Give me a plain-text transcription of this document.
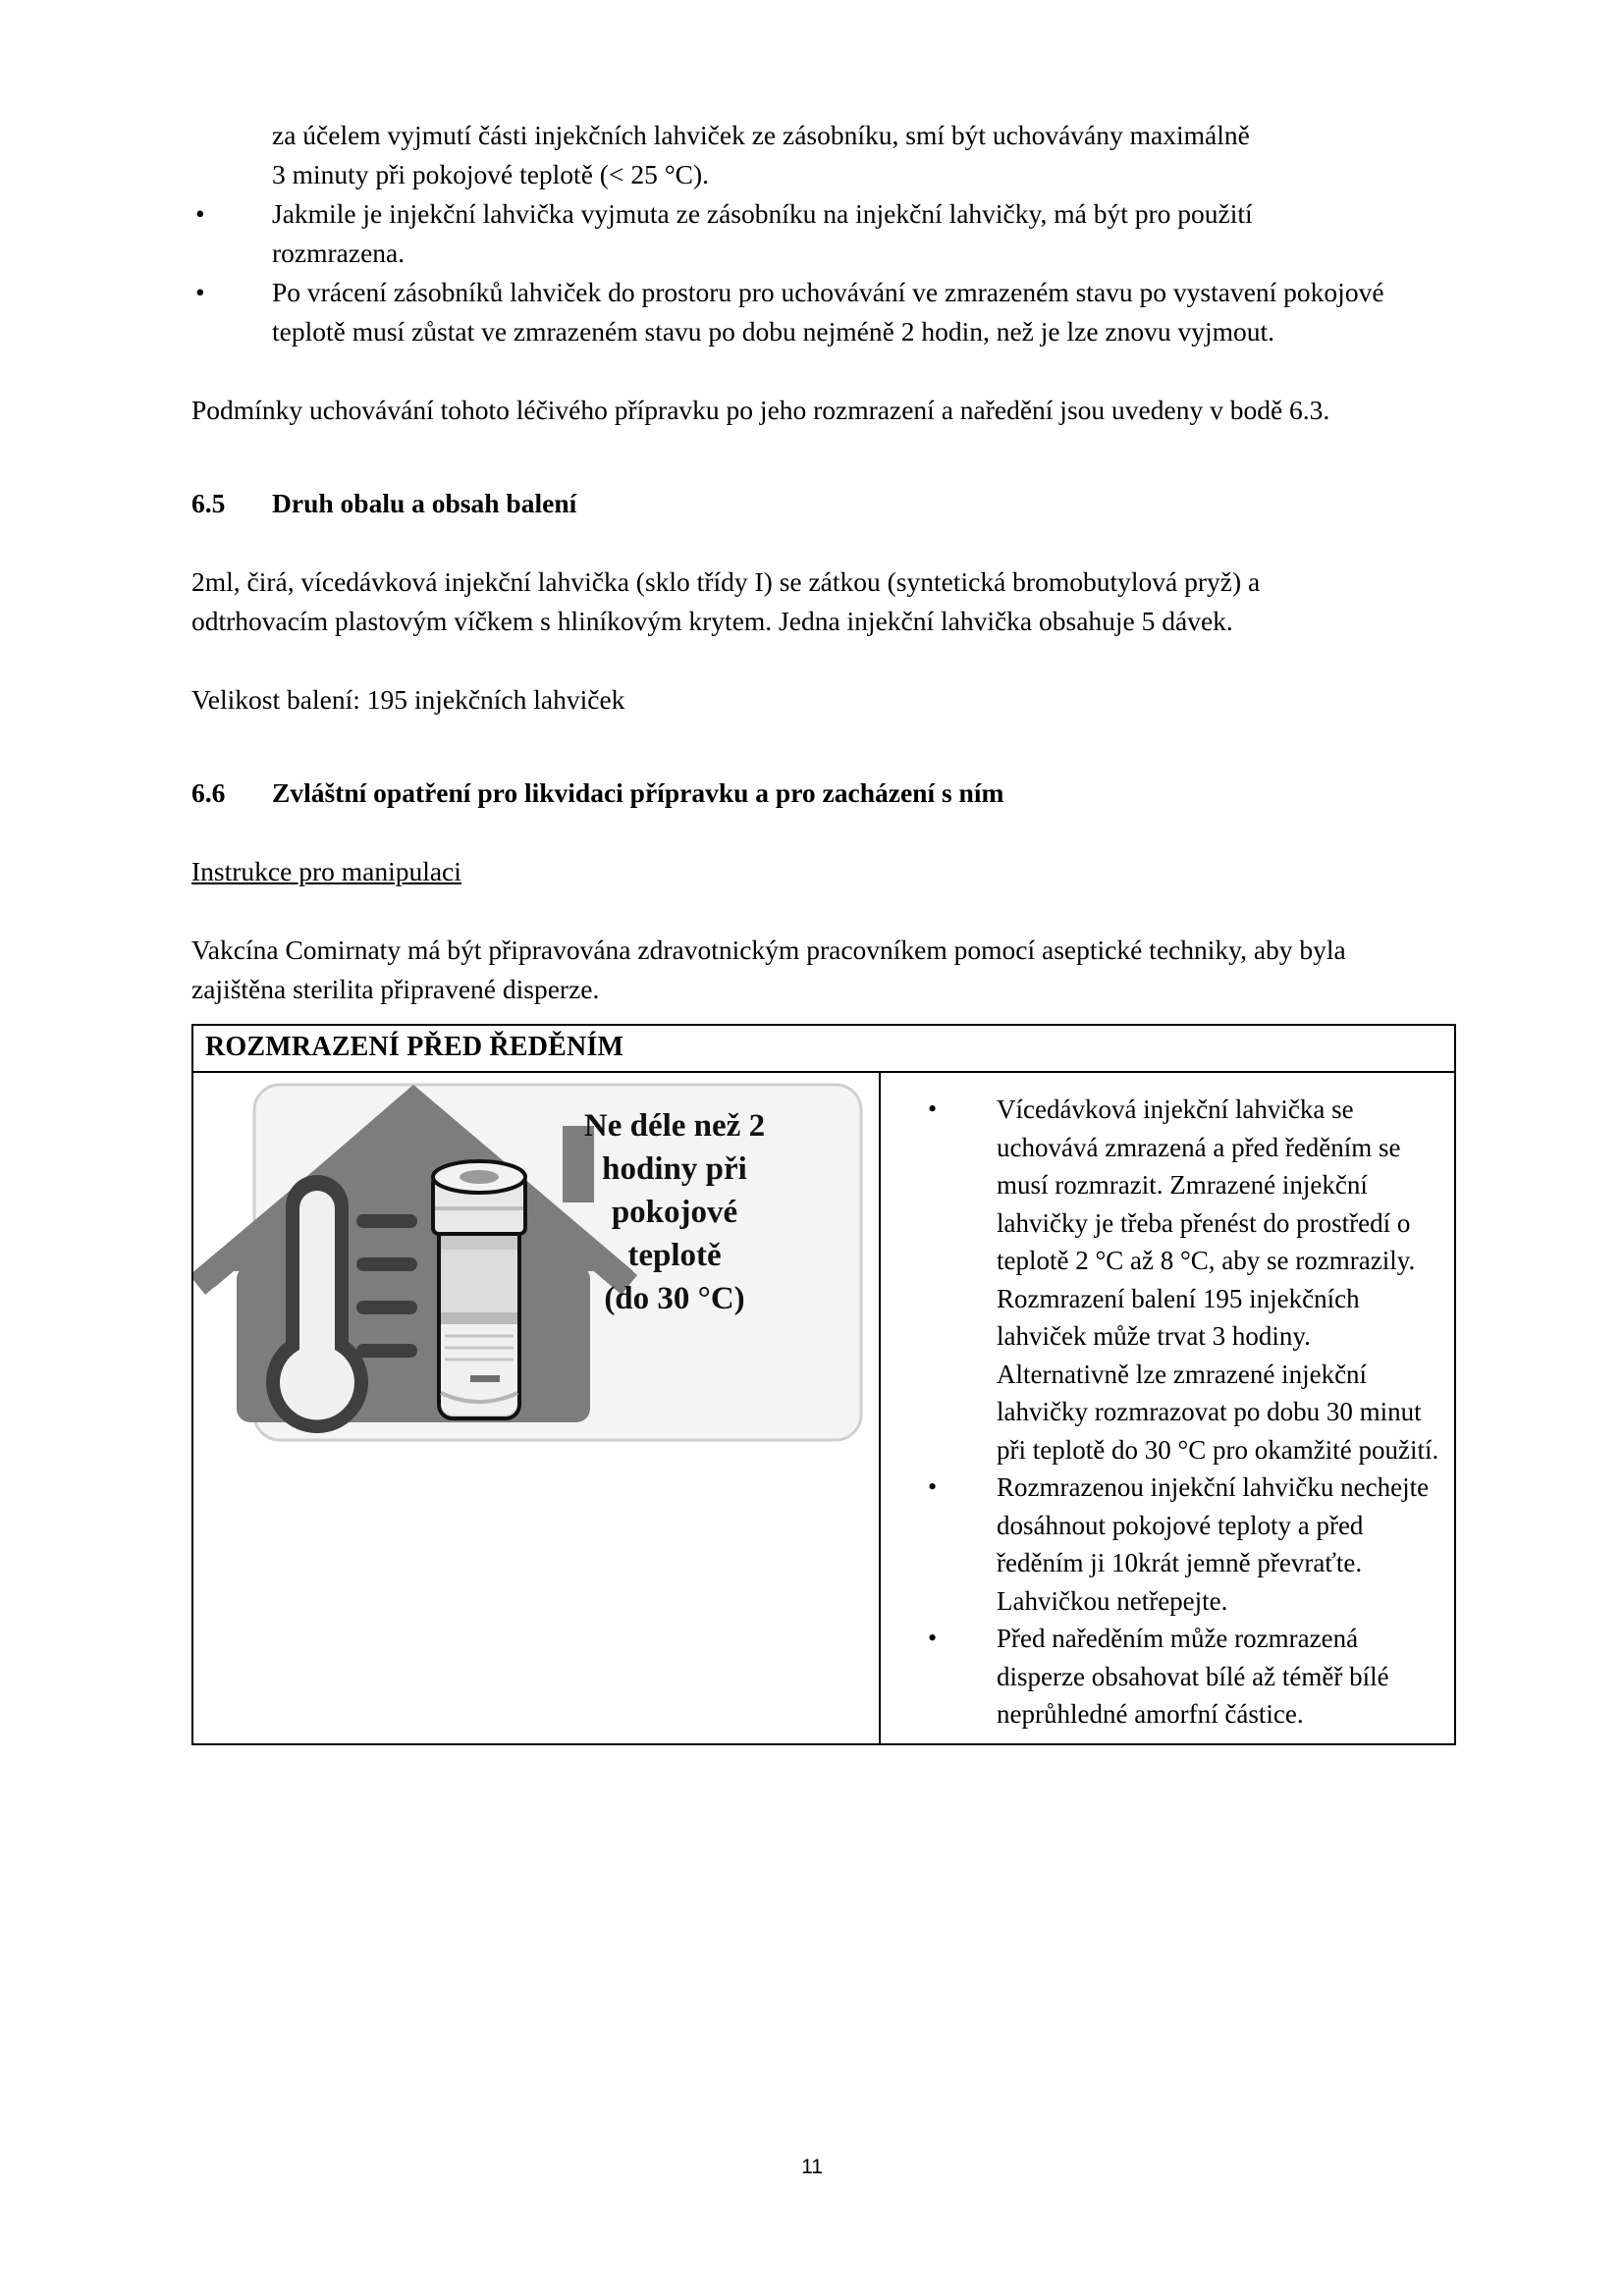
za účelem vyjmutí části injekčních lahviček ze zásobníku, smí být uchovávány maximálně
3 minuty při pokojové teplotě (< 25 °C).
• Jakmile je injekční lahvička vyjmuta ze zásobníku na injekční lahvičky, má být pro použití rozmrazena.
• Po vrácení zásobníků lahviček do prostoru pro uchovávání ve zmrazeném stavu po vystavení pokojové teplotě musí zůstat ve zmrazeném stavu po dobu nejméně 2 hodin, než je lze znovu vyjmout.

Podmínky uchovávání tohoto léčivého přípravku po jeho rozmrazení a naředění jsou uvedeny v bodě 6.3.

6.5	Druh obalu a obsah balení

2ml, čirá, vícedávková injekční lahvička (sklo třídy I) se zátkou (syntetická bromobutylová pryž) a odtrhovacím plastovým víčkem s hliníkovým krytem. Jedna injekční lahvička obsahuje 5 dávek.

Velikost balení: 195 injekčních lahviček

6.6	Zvláštní opatření pro likvidaci přípravku a pro zacházení s ním
Instrukce pro manipulaci

Vakcína Comirnaty má být připravována zdravotnickým pracovníkem pomocí aseptické techniky, aby byla zajištěna sterilita připravené disperze.

ROZMRAZENÍ PŘED ŘEDĚNÍM
Ne déle než 2
hodiny při
pokojové
teplotě
(do 30 °C)
• Vícedávková injekční lahvička se uchovává zmrazená a před ředěním se musí rozmrazit. Zmrazené injekční lahvičky je třeba přenést do prostředí o teplotě 2 °C až 8 °C, aby se rozmrazily. Rozmrazení balení 195 injekčních lahviček může trvat 3 hodiny. Alternativně lze zmrazené injekční lahvičky rozmrazovat po dobu 30 minut při teplotě do 30 °C pro okamžité použití.
• Rozmrazenou injekční lahvičku nechejte dosáhnout pokojové teploty a před ředěním ji 10krát jemně převraťte. Lahvičkou netřepejte.
• Před naředěním může rozmrazená disperze obsahovat bílé až téměř bílé neprůhledné amorfní částice.
11
